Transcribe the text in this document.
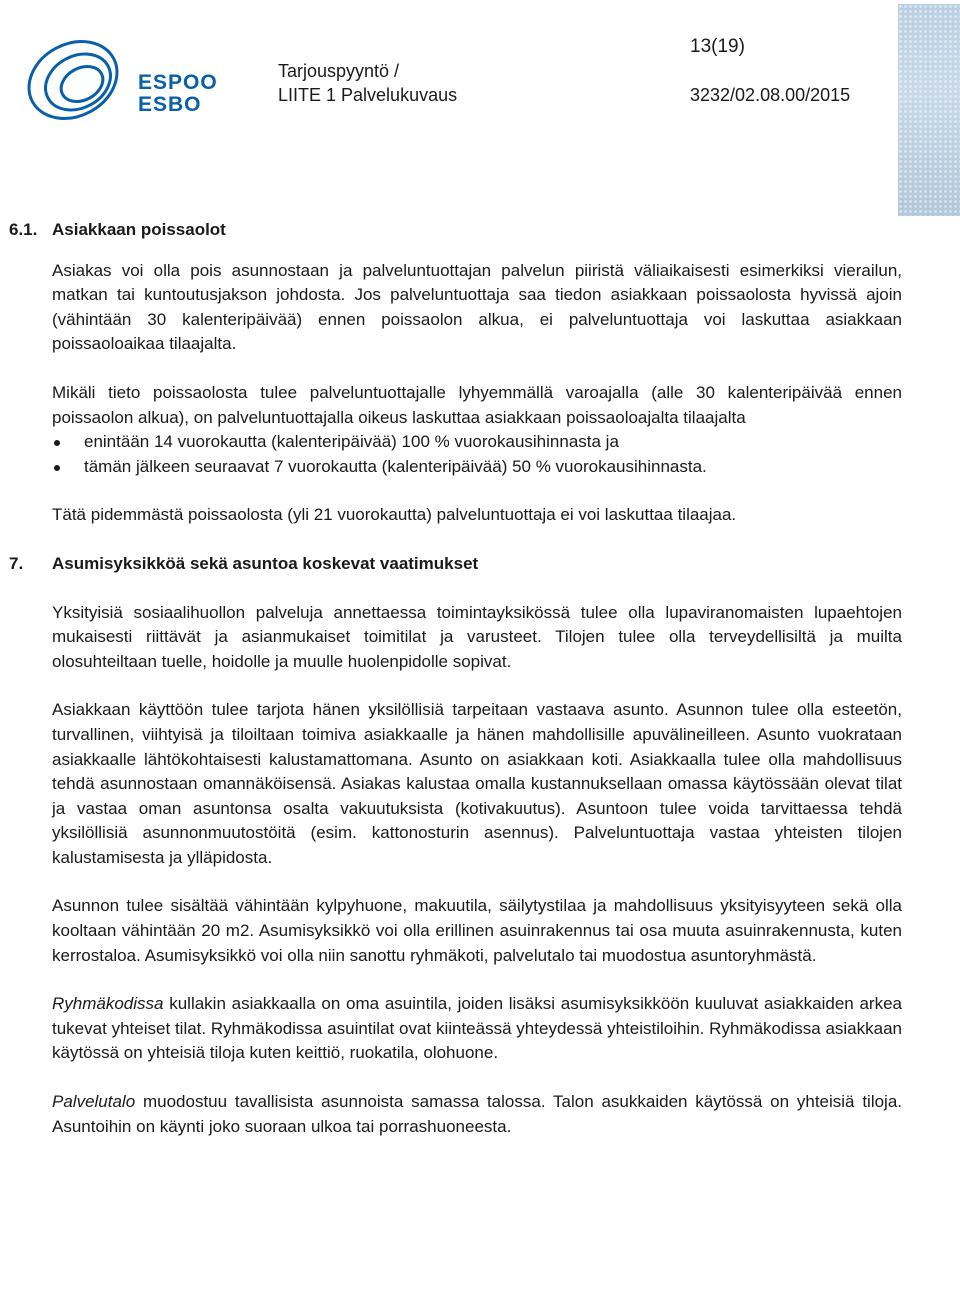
ESPOO
ESBO
Tarjouspyyntö /
LIITE 1 Palvelukuvaus
13(19)
3232/02.08.00/2015
6.1. Asiakkaan poissaolot

Asiakas voi olla pois asunnostaan ja palveluntuottajan palvelun piiristä väliaikaisesti esimerkiksi vierailun, matkan tai kuntoutusjakson johdosta. Jos palveluntuottaja saa tiedon asiakkaan poissaolosta hyvissä ajoin (vähintään 30 kalenteripäivää) ennen poissaolon alkua, ei palveluntuottaja voi laskuttaa asiakkaan poissaoloaikaa tilaajalta.

Mikäli tieto poissaolosta tulee palveluntuottajalle lyhyemmällä varoajalla (alle 30 kalenteripäivää ennen poissaolon alkua), on palveluntuottajalla oikeus laskuttaa asiakkaan poissaoloajalta tilaajalta

enintään 14 vuorokautta (kalenteripäivää) 100 % vuorokausihinnasta ja
tämän jälkeen seuraavat 7 vuorokautta (kalenteripäivää) 50 % vuorokausihinnasta.

Tätä pidemmästä poissaolosta (yli 21 vuorokautta) palveluntuottaja ei voi laskuttaa tilaajaa.

7. Asumisyksikköä sekä asuntoa koskevat vaatimukset

Yksityisiä sosiaalihuollon palveluja annettaessa toimintayksikössä tulee olla lupaviranomaisten lupaehtojen mukaisesti riittävät ja asianmukaiset toimitilat ja varusteet. Tilojen tulee olla terveydellisiltä ja muilta olosuhteiltaan tuelle, hoidolle ja muulle huolenpidolle sopivat.

Asiakkaan käyttöön tulee tarjota hänen yksilöllisiä tarpeitaan vastaava asunto. Asunnon tulee olla esteetön, turvallinen, viihtyisä ja tiloiltaan toimiva asiakkaalle ja hänen mahdollisille apuvälineilleen. Asunto vuokrataan asiakkaalle lähtökohtaisesti kalustamattomana. Asunto on asiakkaan koti. Asiakkaalla tulee olla mahdollisuus tehdä asunnostaan omannäköisensä. Asiakas kalustaa omalla kustannuksellaan omassa käytössään olevat tilat ja vastaa oman asuntonsa osalta vakuutuksista (kotivakuutus). Asuntoon tulee voida tarvittaessa tehdä yksilöllisiä asunnonmuutostöitä (esim. kattonosturin asennus). Palveluntuottaja vastaa yhteisten tilojen kalustamisesta ja ylläpidosta.

Asunnon tulee sisältää vähintään kylpyhuone, makuutila, säilytystilaa ja mahdollisuus yksityisyyteen sekä olla kooltaan vähintään 20 m2. Asumisyksikkö voi olla erillinen asuinrakennus tai osa muuta asuinrakennusta, kuten kerrostaloa. Asumisyksikkö voi olla niin sanottu ryhmäkoti, palvelutalo tai muodostua asuntoryhmästä.

Ryhmäkodissa kullakin asiakkaalla on oma asuintila, joiden lisäksi asumisyksikköön kuuluvat asiakkaiden arkea tukevat yhteiset tilat. Ryhmäkodissa asuintilat ovat kiinteässä yhteydessä yhteistiloihin. Ryhmäkodissa asiakkaan käytössä on yhteisiä tiloja kuten keittiö, ruokatila, olohuone.

Palvelutalo muodostuu tavallisista asunnoista samassa talossa. Talon asukkaiden käytössä on yhteisiä tiloja. Asuntoihin on käynti joko suoraan ulkoa tai porrashuoneesta.
